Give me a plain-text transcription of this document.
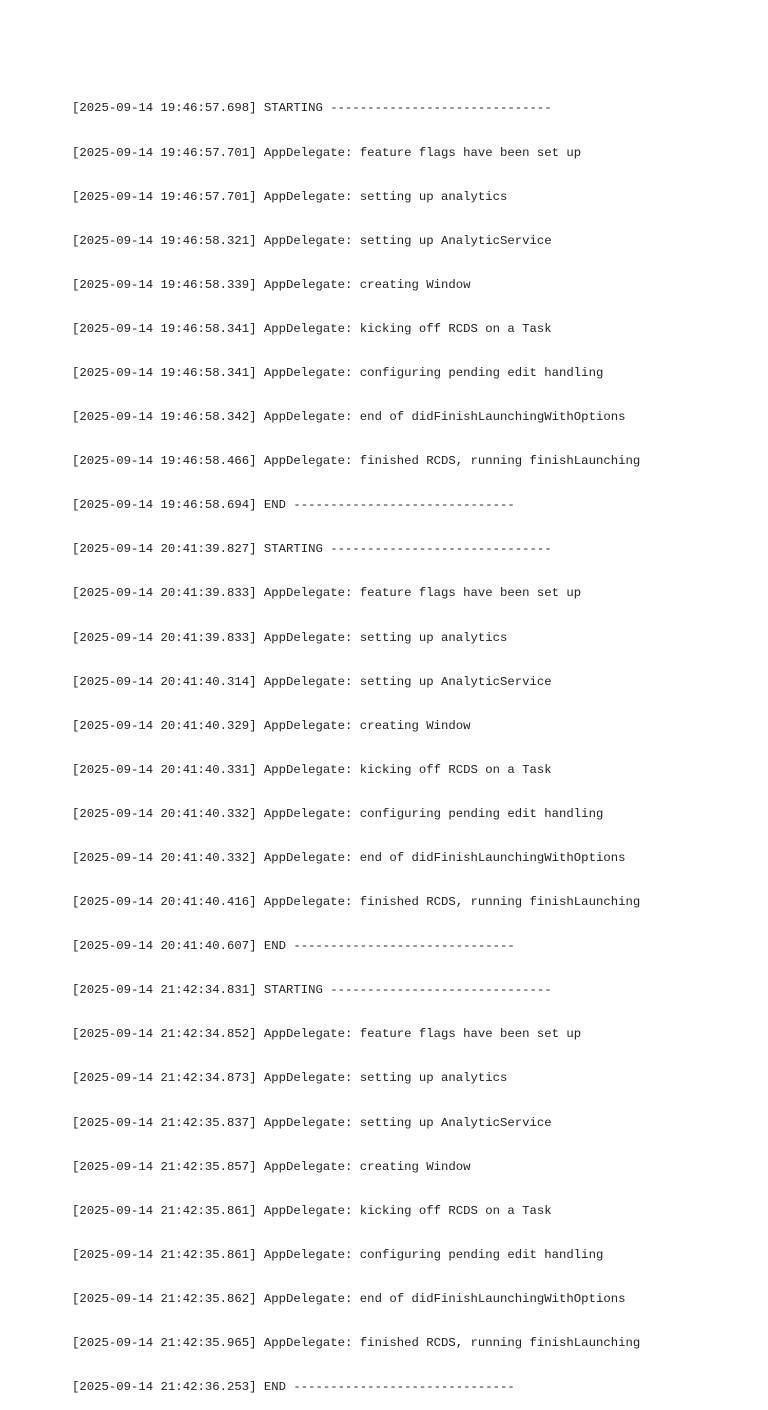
[2025-09-14 19:46:57.698] STARTING ------------------------------

[2025-09-14 19:46:57.701] AppDelegate: feature flags have been set up

[2025-09-14 19:46:57.701] AppDelegate: setting up analytics

[2025-09-14 19:46:58.321] AppDelegate: setting up AnalyticService

[2025-09-14 19:46:58.339] AppDelegate: creating Window

[2025-09-14 19:46:58.341] AppDelegate: kicking off RCDS on a Task

[2025-09-14 19:46:58.341] AppDelegate: configuring pending edit handling

[2025-09-14 19:46:58.342] AppDelegate: end of didFinishLaunchingWithOptions

[2025-09-14 19:46:58.466] AppDelegate: finished RCDS, running finishLaunching

[2025-09-14 19:46:58.694] END ------------------------------

[2025-09-14 20:41:39.827] STARTING ------------------------------

[2025-09-14 20:41:39.833] AppDelegate: feature flags have been set up

[2025-09-14 20:41:39.833] AppDelegate: setting up analytics

[2025-09-14 20:41:40.314] AppDelegate: setting up AnalyticService

[2025-09-14 20:41:40.329] AppDelegate: creating Window

[2025-09-14 20:41:40.331] AppDelegate: kicking off RCDS on a Task

[2025-09-14 20:41:40.332] AppDelegate: configuring pending edit handling

[2025-09-14 20:41:40.332] AppDelegate: end of didFinishLaunchingWithOptions

[2025-09-14 20:41:40.416] AppDelegate: finished RCDS, running finishLaunching

[2025-09-14 20:41:40.607] END ------------------------------

[2025-09-14 21:42:34.831] STARTING ------------------------------

[2025-09-14 21:42:34.852] AppDelegate: feature flags have been set up

[2025-09-14 21:42:34.873] AppDelegate: setting up analytics

[2025-09-14 21:42:35.837] AppDelegate: setting up AnalyticService

[2025-09-14 21:42:35.857] AppDelegate: creating Window

[2025-09-14 21:42:35.861] AppDelegate: kicking off RCDS on a Task

[2025-09-14 21:42:35.861] AppDelegate: configuring pending edit handling

[2025-09-14 21:42:35.862] AppDelegate: end of didFinishLaunchingWithOptions

[2025-09-14 21:42:35.965] AppDelegate: finished RCDS, running finishLaunching

[2025-09-14 21:42:36.253] END ------------------------------
